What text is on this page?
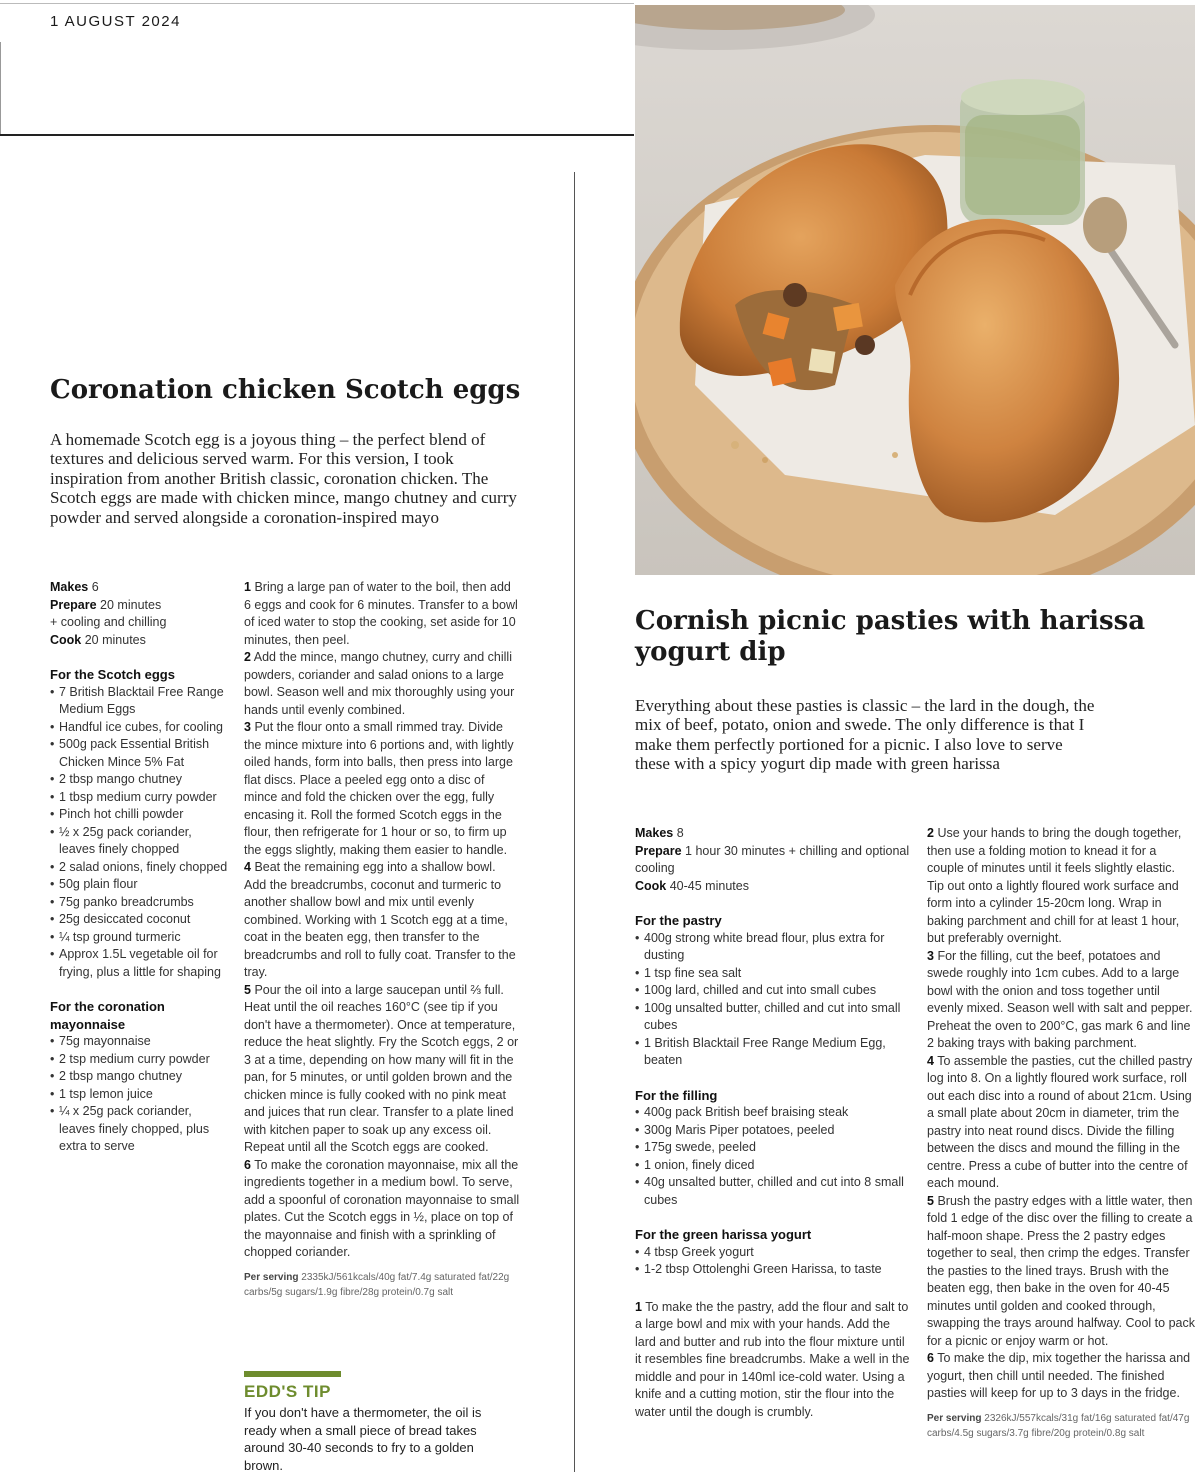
1 AUGUST 2024
Coronation chicken Scotch eggs
A homemade Scotch egg is a joyous thing – the perfect blend of textures and delicious served warm. For this version, I took inspiration from another British classic, coronation chicken. The Scotch eggs are made with chicken mince, mango chutney and curry powder and served alongside a coronation-inspired mayo
Makes 6
Prepare 20 minutes
+ cooling and chilling
Cook 20 minutes
For the Scotch eggs
• 7 British Blacktail Free Range Medium Eggs
• Handful ice cubes, for cooling
• 500g pack Essential British Chicken Mince 5% Fat
• 2 tbsp mango chutney
• 1 tbsp medium curry powder
• Pinch hot chilli powder
• ½ x 25g pack coriander, leaves finely chopped
• 2 salad onions, finely chopped
• 50g plain flour
• 75g panko breadcrumbs
• 25g desiccated coconut
• ¼ tsp ground turmeric
• Approx 1.5L vegetable oil for frying, plus a little for shaping
For the coronation mayonnaise
• 75g mayonnaise
• 2 tsp medium curry powder
• 2 tbsp mango chutney
• 1 tsp lemon juice
• ¼ x 25g pack coriander, leaves finely chopped, plus extra to serve
1 Bring a large pan of water to the boil, then add 6 eggs and cook for 6 minutes. Transfer to a bowl of iced water to stop the cooking, set aside for 10 minutes, then peel.
2 Add the mince, mango chutney, curry and chilli powders, coriander and salad onions to a large bowl. Season well and mix thoroughly using your hands until evenly combined.
3 Put the flour onto a small rimmed tray. Divide the mince mixture into 6 portions and, with lightly oiled hands, form into balls, then press into large flat discs. Place a peeled egg onto a disc of mince and fold the chicken over the egg, fully encasing it. Roll the formed Scotch eggs in the flour, then refrigerate for 1 hour or so, to firm up the eggs slightly, making them easier to handle.
4 Beat the remaining egg into a shallow bowl. Add the breadcrumbs, coconut and turmeric to another shallow bowl and mix until evenly combined. Working with 1 Scotch egg at a time, coat in the beaten egg, then transfer to the breadcrumbs and roll to fully coat. Transfer to the tray.
5 Pour the oil into a large saucepan until ⅔ full. Heat until the oil reaches 160°C (see tip if you don't have a thermometer). Once at temperature, reduce the heat slightly. Fry the Scotch eggs, 2 or 3 at a time, depending on how many will fit in the pan, for 5 minutes, or until golden brown and the chicken mince is fully cooked with no pink meat and juices that run clear. Transfer to a plate lined with kitchen paper to soak up any excess oil. Repeat until all the Scotch eggs are cooked.
6 To make the coronation mayonnaise, mix all the ingredients together in a medium bowl. To serve, add a spoonful of coronation mayonnaise to small plates. Cut the Scotch eggs in ½, place on top of the mayonnaise and finish with a sprinkling of chopped coriander.
Per serving 2335kJ/561kcals/40g fat/7.4g saturated fat/22g carbs/5g sugars/1.9g fibre/28g protein/0.7g salt
EDD'S TIP
If you don't have a thermometer, the oil is ready when a small piece of bread takes around 30-40 seconds to fry to a golden brown.
Cornish picnic pasties with harissa yogurt dip
Everything about these pasties is classic – the lard in the dough, the mix of beef, potato, onion and swede. The only difference is that I make them perfectly portioned for a picnic. I also love to serve these with a spicy yogurt dip made with green harissa
Makes 8
Prepare 1 hour 30 minutes + chilling and optional cooling
Cook 40-45 minutes
For the pastry
• 400g strong white bread flour, plus extra for dusting
• 1 tsp fine sea salt
• 100g lard, chilled and cut into small cubes
• 100g unsalted butter, chilled and cut into small cubes
• 1 British Blacktail Free Range Medium Egg, beaten
For the filling
• 400g pack British beef braising steak
• 300g Maris Piper potatoes, peeled
• 175g swede, peeled
• 1 onion, finely diced
• 40g unsalted butter, chilled and cut into 8 small cubes
For the green harissa yogurt
• 4 tbsp Greek yogurt
• 1-2 tbsp Ottolenghi Green Harissa, to taste
1 To make the the pastry, add the flour and salt to a large bowl and mix with your hands. Add the lard and butter and rub into the flour mixture until it resembles fine breadcrumbs. Make a well in the middle and pour in 140ml ice-cold water. Using a knife and a cutting motion, stir the flour into the water until the dough is crumbly.
2 Use your hands to bring the dough together, then use a folding motion to knead it for a couple of minutes until it feels slightly elastic. Tip out onto a lightly floured work surface and form into a cylinder 15-20cm long. Wrap in baking parchment and chill for at least 1 hour, but preferably overnight.
3 For the filling, cut the beef, potatoes and swede roughly into 1cm cubes. Add to a large bowl with the onion and toss together until evenly mixed. Season well with salt and pepper. Preheat the oven to 200°C, gas mark 6 and line 2 baking trays with baking parchment.
4 To assemble the pasties, cut the chilled pastry log into 8. On a lightly floured work surface, roll out each disc into a round of about 21cm. Using a small plate about 20cm in diameter, trim the pastry into neat round discs. Divide the filling between the discs and mound the filling in the centre. Press a cube of butter into the centre of each mound.
5 Brush the pastry edges with a little water, then fold 1 edge of the disc over the filling to create a half-moon shape. Press the 2 pastry edges together to seal, then crimp the edges. Transfer the pasties to the lined trays. Brush with the beaten egg, then bake in the oven for 40-45 minutes until golden and cooked through, swapping the trays around halfway. Cool to pack for a picnic or enjoy warm or hot.
6 To make the dip, mix together the harissa and yogurt, then chill until needed. The finished pasties will keep for up to 3 days in the fridge.
Per serving 2326kJ/557kcals/31g fat/16g saturated fat/47g carbs/4.5g sugars/3.7g fibre/20g protein/0.8g salt
